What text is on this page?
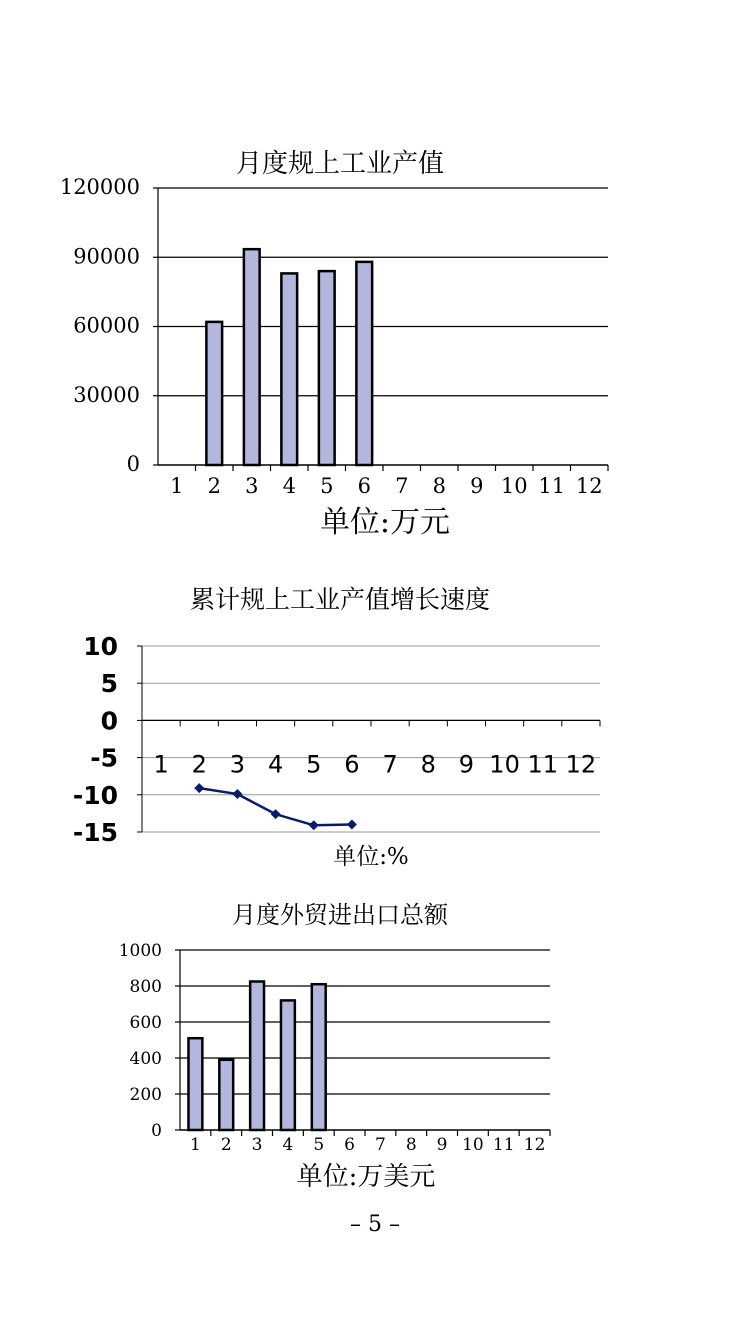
月度规上工业产值
单位:万元
0
30000
60000
90000
120000
1 2 3 4 5 6 7 8 9 10 11 12
累计规上工业产值增长速度
单位:%
-15
-10
-5
0
5
10
1 2 3 4 5 6 7 8 9 10 11 12
月度外贸进出口总额
单位:万美元
0
200
400
600
800
1000
1 2 3 4 5 6 7 8 9 10 11 12
– 5 –
